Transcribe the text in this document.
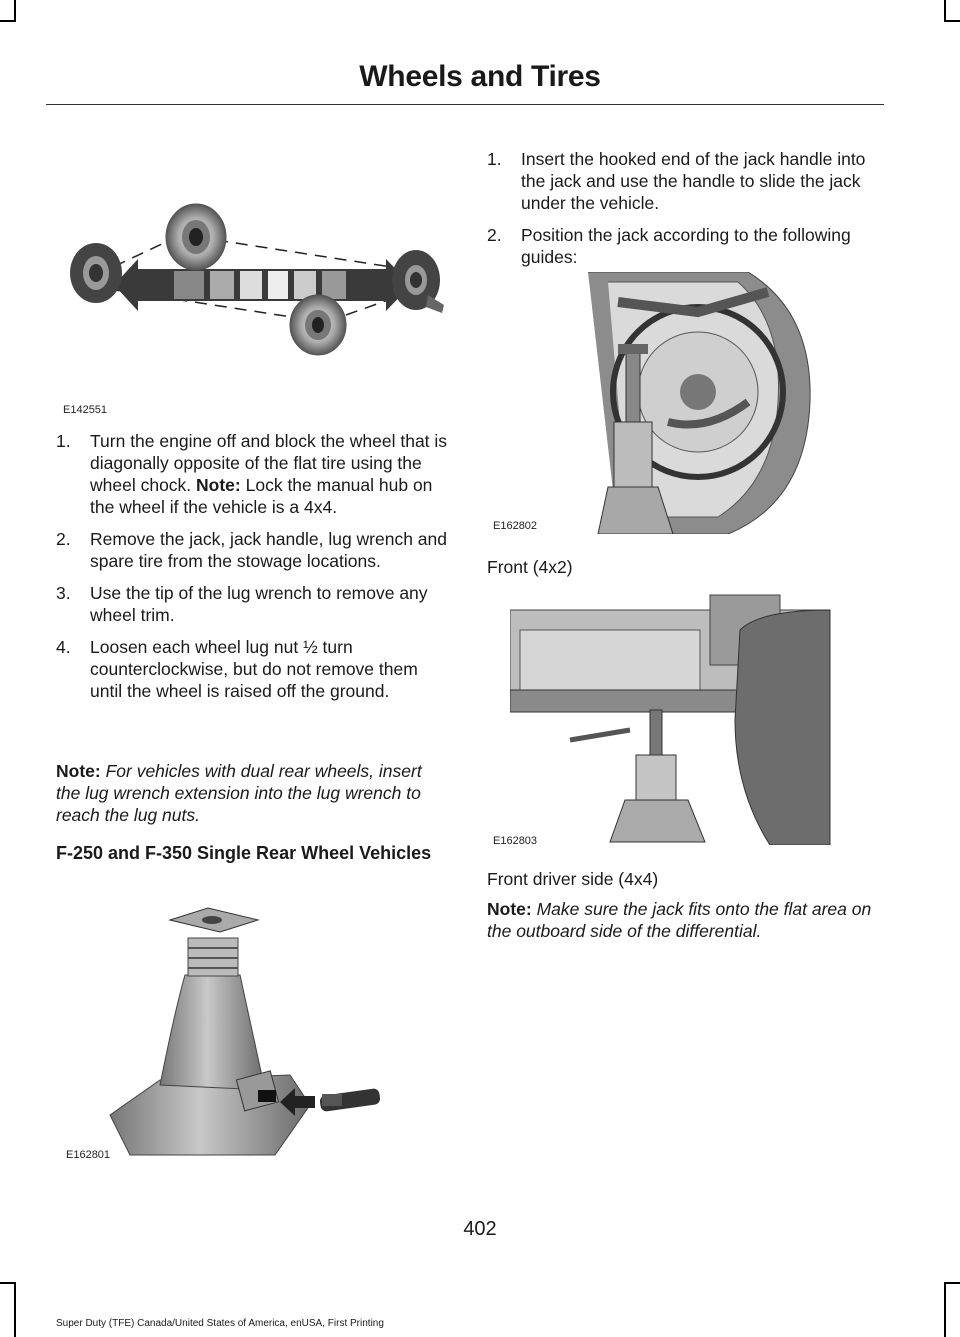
Wheels and Tires
E142551
1. Turn the engine off and block the wheel that is diagonally opposite of the flat tire using the wheel chock. Note: Lock the manual hub on the wheel if the vehicle is a 4x4.
2. Remove the jack, jack handle, lug wrench and spare tire from the stowage locations.
3. Use the tip of the lug wrench to remove any wheel trim.
4. Loosen each wheel lug nut ½ turn counterclockwise, but do not remove them until the wheel is raised off the ground.
Note: For vehicles with dual rear wheels, insert the lug wrench extension into the lug wrench to reach the lug nuts.
F-250 and F-350 Single Rear Wheel Vehicles
E162801
1. Insert the hooked end of the jack handle into the jack and use the handle to slide the jack under the vehicle.
2. Position the jack according to the following guides:
E162802
Front (4x2)
E162803
Front driver side (4x4)
Note: Make sure the jack fits onto the flat area on the outboard side of the differential.
402
Super Duty (TFE) Canada/United States of America, enUSA, First Printing
